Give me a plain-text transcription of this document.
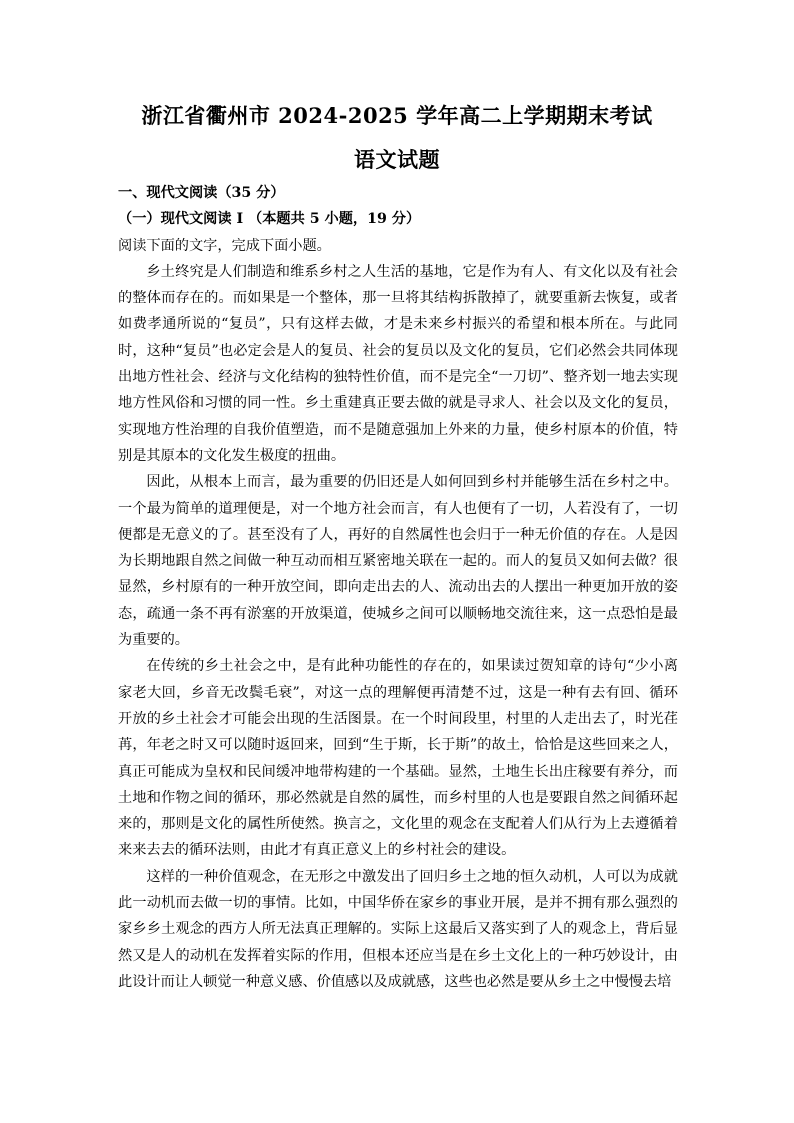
浙江省衢州市 2024-2025 学年高二上学期期末考试
语文试题

一、现代文阅读（35 分）

（一）现代文阅读 I （本题共 5 小题，19 分）

阅读下面的文字，完成下面小题。

乡土终究是人们制造和维系乡村之人生活的基地，它是作为有人、有文化以及有社会的整体而存在的。而如果是一个整体，那一旦将其结构拆散掉了，就要重新去恢复，或者如费孝通所说的“复员”，只有这样去做，才是未来乡村振兴的希望和根本所在。与此同时，这种“复员”也必定会是人的复员、社会的复员以及文化的复员，它们必然会共同体现出地方性社会、经济与文化结构的独特性价值，而不是完全“一刀切”、整齐划一地去实现地方性风俗和习惯的同一性。乡土重建真正要去做的就是寻求人、社会以及文化的复员，实现地方性治理的自我价值塑造，而不是随意强加上外来的力量，使乡村原本的价值，特别是其原本的文化发生极度的扭曲。

因此，从根本上而言，最为重要的仍旧还是人如何回到乡村并能够生活在乡村之中。一个最为简单的道理便是，对一个地方社会而言，有人也便有了一切，人若没有了，一切便都是无意义的了。甚至没有了人，再好的自然属性也会归于一种无价值的存在。人是因为长期地跟自然之间做一种互动而相互紧密地关联在一起的。而人的复员又如何去做？很显然，乡村原有的一种开放空间，即向走出去的人、流动出去的人摆出一种更加开放的姿态，疏通一条不再有淤塞的开放渠道，使城乡之间可以顺畅地交流往来，这一点恐怕是最为重要的。

在传统的乡土社会之中，是有此种功能性的存在的，如果读过贺知章的诗句“少小离家老大回，乡音无改鬓毛衰”，对这一点的理解便再清楚不过，这是一种有去有回、循环开放的乡土社会才可能会出现的生活图景。在一个时间段里，村里的人走出去了，时光荏苒，年老之时又可以随时返回来，回到“生于斯，长于斯”的故土，恰恰是这些回来之人，真正可能成为皇权和民间缓冲地带构建的一个基础。显然，土地生长出庄稼要有养分，而土地和作物之间的循环，那必然就是自然的属性，而乡村里的人也是要跟自然之间循环起来的，那则是文化的属性所使然。换言之，文化里的观念在支配着人们从行为上去遵循着来来去去的循环法则，由此才有真正意义上的乡村社会的建设。

这样的一种价值观念，在无形之中激发出了回归乡土之地的恒久动机，人可以为成就此一动机而去做一切的事情。比如，中国华侨在家乡的事业开展，是并不拥有那么强烈的家乡乡土观念的西方人所无法真正理解的。实际上这最后又落实到了人的观念上，背后显然又是人的动机在发挥着实际的作用，但根本还应当是在乡土文化上的一种巧妙设计，由此设计而让人顿觉一种意义感、价值感以及成就感，这些也必然是要从乡土之中慢慢去培
